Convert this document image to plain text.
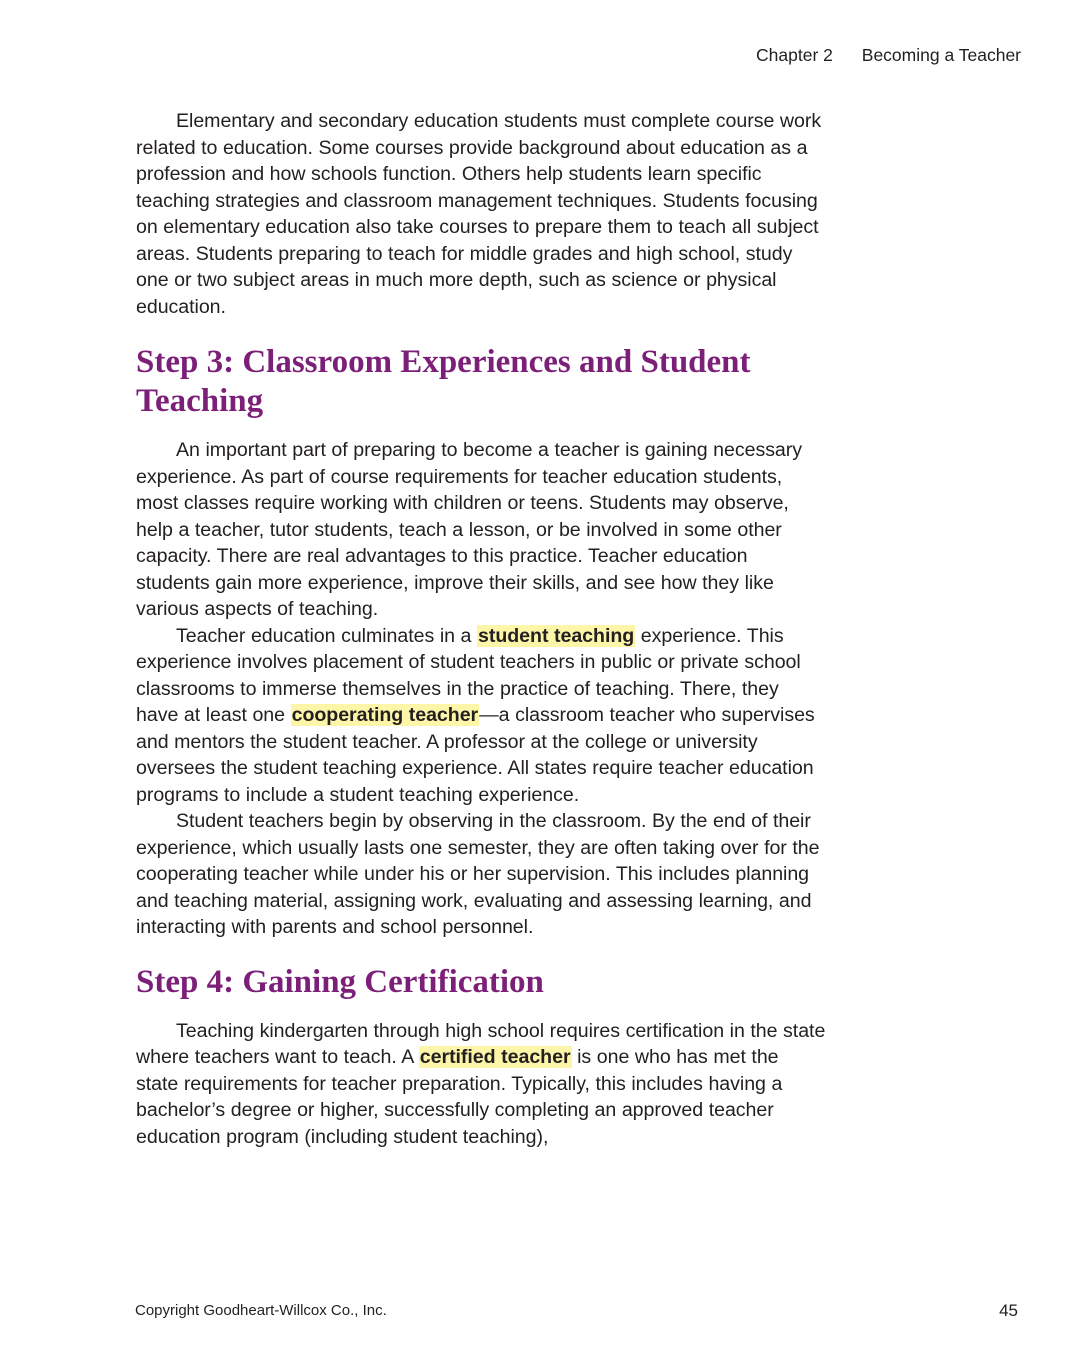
Chapter 2 Becoming a Teacher

Elementary and secondary education students must complete course work related to education. Some courses provide background about education as a profession and how schools function. Others help students learn specific teaching strategies and classroom management techniques. Students focusing on elementary education also take courses to prepare them to teach all subject areas. Students preparing to teach for middle grades and high school, study one or two subject areas in much more depth, such as science or physical education.

Step 3: Classroom Experiences and Student Teaching

An important part of preparing to become a teacher is gaining necessary experience. As part of course requirements for teacher education students, most classes require working with children or teens. Students may observe, help a teacher, tutor students, teach a lesson, or be involved in some other capacity. There are real advantages to this practice. Teacher education students gain more experience, improve their skills, and see how they like various aspects of teaching.

Teacher education culminates in a student teaching experience. This experience involves placement of student teachers in public or private school classrooms to immerse themselves in the practice of teaching. There, they have at least one cooperating teacher—a classroom teacher who supervises and mentors the student teacher. A professor at the college or university oversees the student teaching experience. All states require teacher education programs to include a student teaching experience.

Student teachers begin by observing in the classroom. By the end of their experience, which usually lasts one semester, they are often taking over for the cooperating teacher while under his or her supervision. This includes planning and teaching material, assigning work, evaluating and assessing learning, and interacting with parents and school personnel.

Step 4: Gaining Certification

Teaching kindergarten through high school requires certification in the state where teachers want to teach. A certified teacher is one who has met the state requirements for teacher preparation. Typically, this includes having a bachelor’s degree or higher, successfully completing an approved teacher education program (including student teaching),

Copyright Goodheart-Willcox Co., Inc.	45
